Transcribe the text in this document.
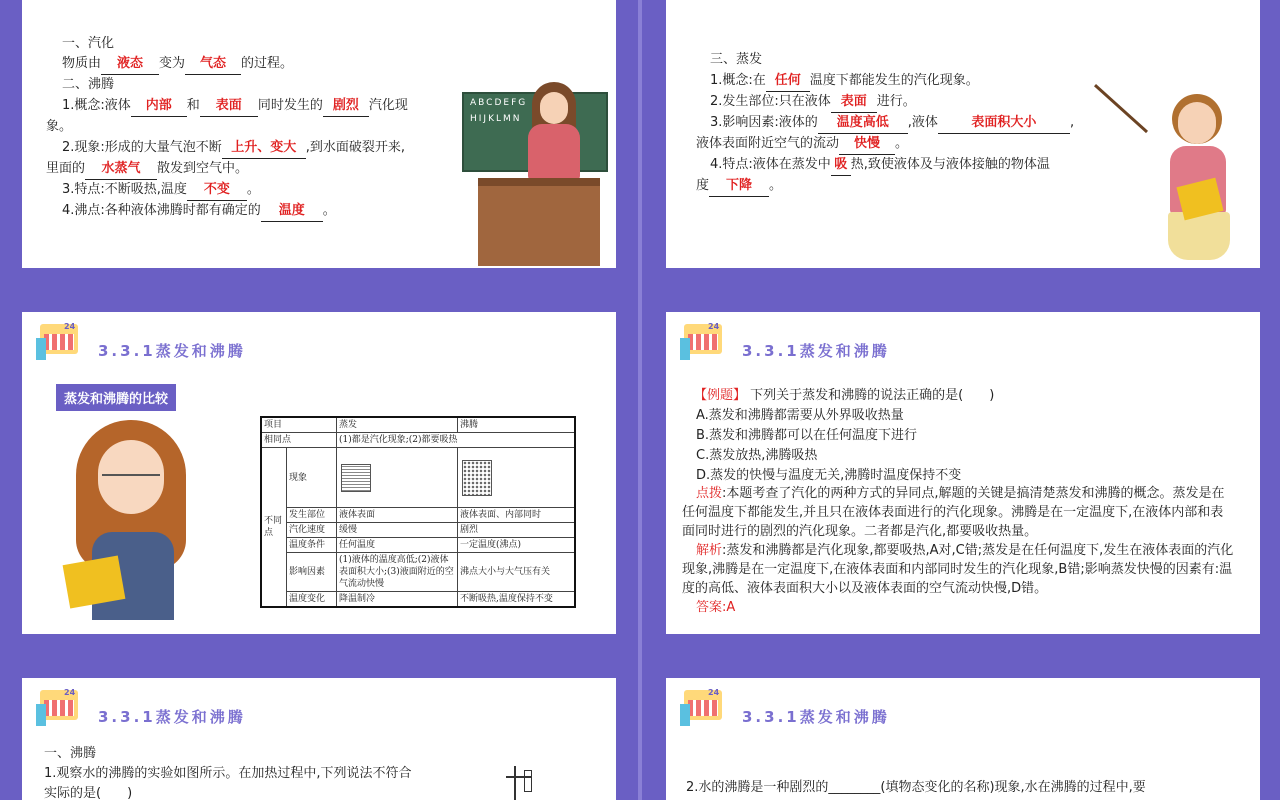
一、汽化
物质由 液态 变为 气态 的过程。
二、沸腾
1.概念:液体 内部 和 表面 同时发生的 剧烈 汽化现
象。
2.现象:形成的大量气泡不断 上升、变大 ,到水面破裂开来,
里面的 水蒸气 散发到空气中。
3.特点:不断吸热,温度 不变 。
4.沸点:各种液体沸腾时都有确定的 温度 。
ABCDEFG
HIJKLMN
三、蒸发
1.概念:在 任何 温度下都能发生的汽化现象。
2.发生部位:只在液体 表面 进行。
3.影响因素:液体的 温度高低 ,液体	表面积大小	,
液体表面附近空气的流动 快慢 。
4.特点:液体在蒸发中 吸 热,致使液体及与液体接触的物体温
度 下降 。
24
3.3.1蒸发和沸腾
蒸发和沸腾的比较
项目		蒸发	沸腾
相同点		(1)都是汽化现象;(2)都要吸热	
不同点	现象	

	发生部位	液体表面	液体表面、内部同时
	汽化速度	缓慢	剧烈
	温度条件	任何温度	一定温度(沸点)
	影响因素	(1)液体的温度高低;(2)液体表面积大小;(3)液面附近的空气流动快慢	沸点大小与大气压有关
	温度变化	降温制冷	不断吸热,温度保持不变
24
3.3.1蒸发和沸腾
【例题】 下列关于蒸发和沸腾的说法正确的是(　　)
A.蒸发和沸腾都需要从外界吸收热量
B.蒸发和沸腾都可以在任何温度下进行
C.蒸发放热,沸腾吸热
D.蒸发的快慢与温度无关,沸腾时温度保持不变
点拨:本题考查了汽化的两种方式的异同点,解题的关键是搞清楚蒸发和沸腾的概念。蒸发是在
任何温度下都能发生,并且只在液体表面进行的汽化现象。沸腾是在一定温度下,在液体内部和表
面同时进行的剧烈的汽化现象。二者都是汽化,都要吸收热量。
解析:蒸发和沸腾都是汽化现象,都要吸热,A对,C错;蒸发是在任何温度下,发生在液体表面的汽化
现象,沸腾是在一定温度下,在液体表面和内部同时发生的汽化现象,B错;影响蒸发快慢的因素有:温
度的高低、液体表面积大小以及液体表面的空气流动快慢,D错。
答案:A
24
3.3.1蒸发和沸腾
一、沸腾
1.观察水的沸腾的实验如图所示。在加热过程中,下列说法不符合
实际的是(　　)
24
3.3.1蒸发和沸腾
2.水的沸腾是一种剧烈的________(填物态变化的名称)现象,水在沸腾的过程中,要
